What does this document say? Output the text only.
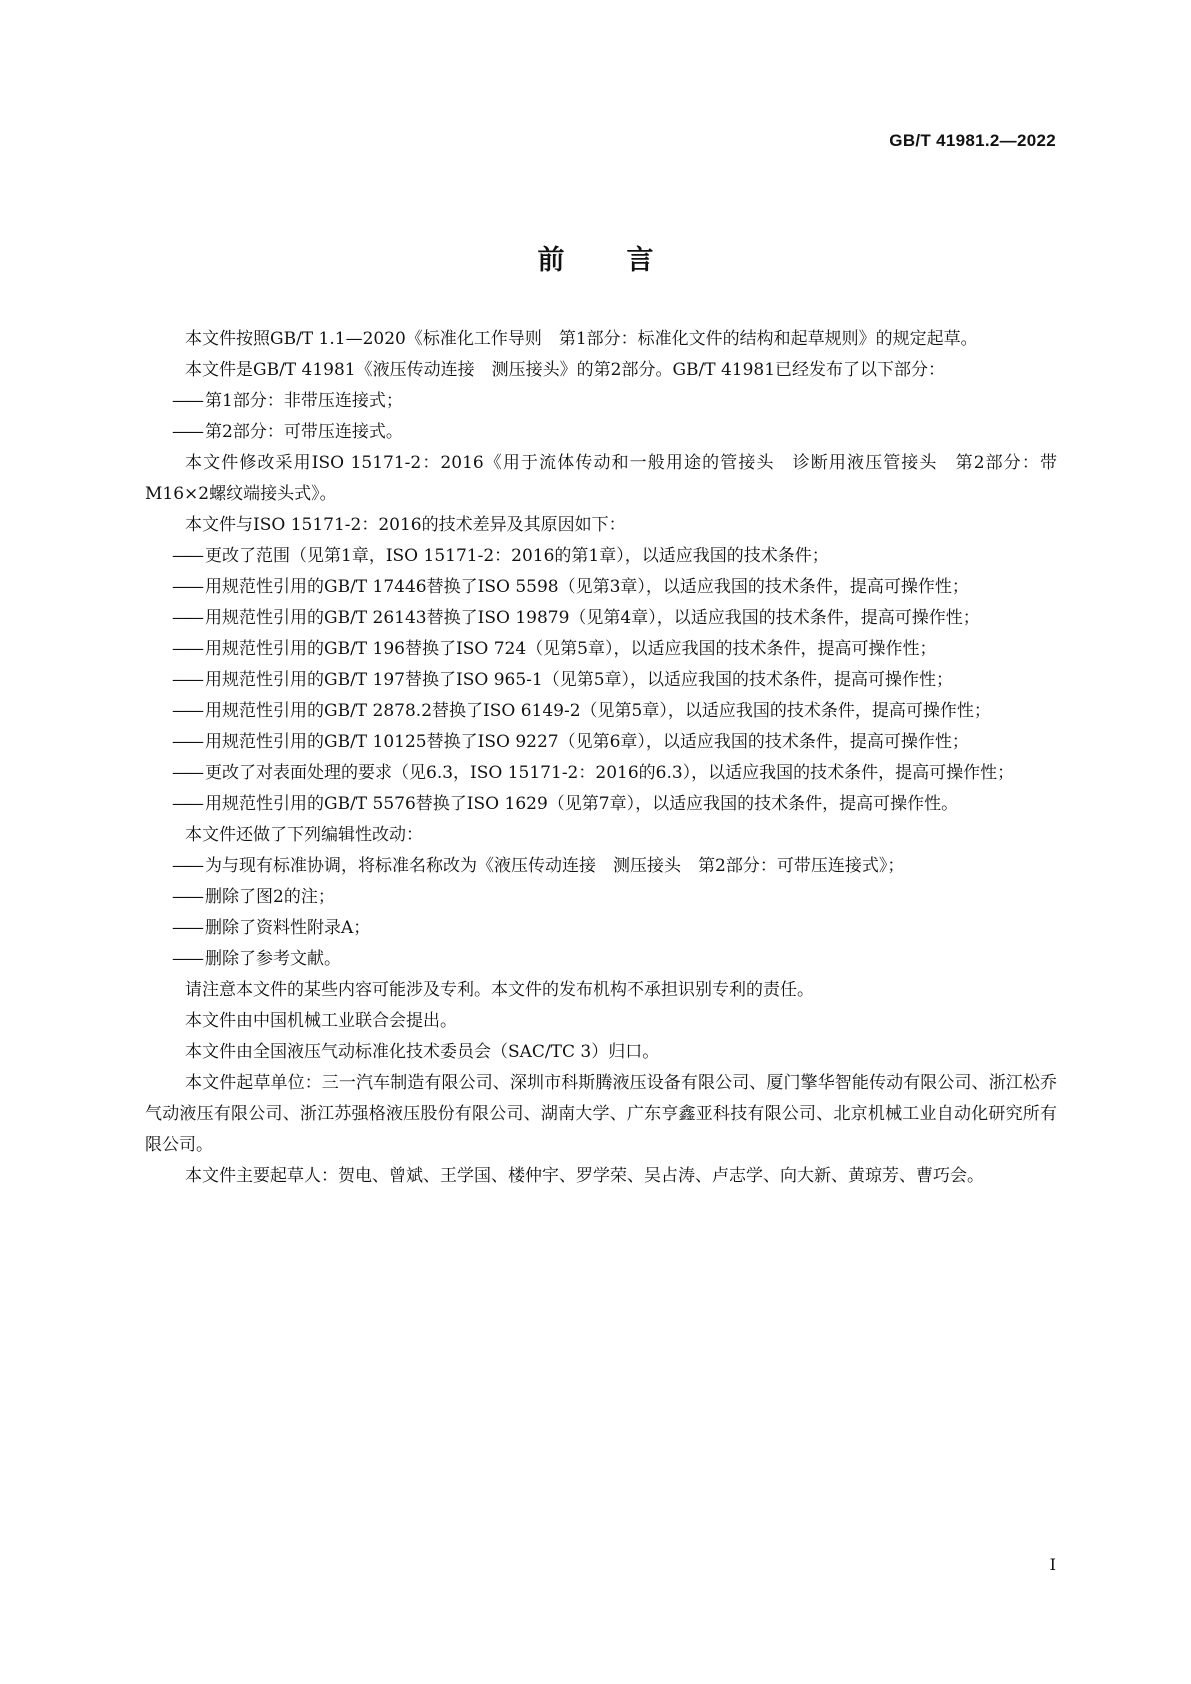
GB/T 41981.2—2022
前言

本文件按照GB/T 1.1—2020《标准化工作导则　第1部分：标准化文件的结构和起草规则》的规定起草。

本文件是GB/T 41981《液压传动连接　测压接头》的第2部分。GB/T 41981已经发布了以下部分：

—— 第1部分：非带压连接式；

—— 第2部分：可带压连接式。

本文件修改采用ISO 15171-2：2016《用于流体传动和一般用途的管接头　诊断用液压管接头　第2部分：带M16×2螺纹端接头式》。

本文件与ISO 15171-2：2016的技术差异及其原因如下：

—— 更改了范围（见第1章，ISO 15171-2：2016的第1章），以适应我国的技术条件；

—— 用规范性引用的GB/T 17446替换了ISO 5598（见第3章），以适应我国的技术条件，提高可操作性；

—— 用规范性引用的GB/T 26143替换了ISO 19879（见第4章），以适应我国的技术条件，提高可操作性；

—— 用规范性引用的GB/T 196替换了ISO 724（见第5章），以适应我国的技术条件，提高可操作性；

—— 用规范性引用的GB/T 197替换了ISO 965-1（见第5章），以适应我国的技术条件，提高可操作性；

—— 用规范性引用的GB/T 2878.2替换了ISO 6149-2（见第5章），以适应我国的技术条件，提高可操作性；

—— 用规范性引用的GB/T 10125替换了ISO 9227（见第6章），以适应我国的技术条件，提高可操作性；

—— 更改了对表面处理的要求（见6.3，ISO 15171-2：2016的6.3），以适应我国的技术条件，提高可操作性；

—— 用规范性引用的GB/T 5576替换了ISO 1629（见第7章），以适应我国的技术条件，提高可操作性。

本文件还做了下列编辑性改动：

—— 为与现有标准协调，将标准名称改为《液压传动连接　测压接头　第2部分：可带压连接式》；

—— 删除了图2的注；

—— 删除了资料性附录A；

—— 删除了参考文献。

请注意本文件的某些内容可能涉及专利。本文件的发布机构不承担识别专利的责任。

本文件由中国机械工业联合会提出。

本文件由全国液压气动标准化技术委员会（SAC/TC 3）归口。

本文件起草单位：三一汽车制造有限公司、深圳市科斯腾液压设备有限公司、厦门擎华智能传动有限公司、浙江松乔气动液压有限公司、浙江苏强格液压股份有限公司、湖南大学、广东亨鑫亚科技有限公司、北京机械工业自动化研究所有限公司。

本文件主要起草人：贺电、曾斌、王学国、楼仲宇、罗学荣、吴占涛、卢志学、向大新、黄琼芳、曹巧会。

I
